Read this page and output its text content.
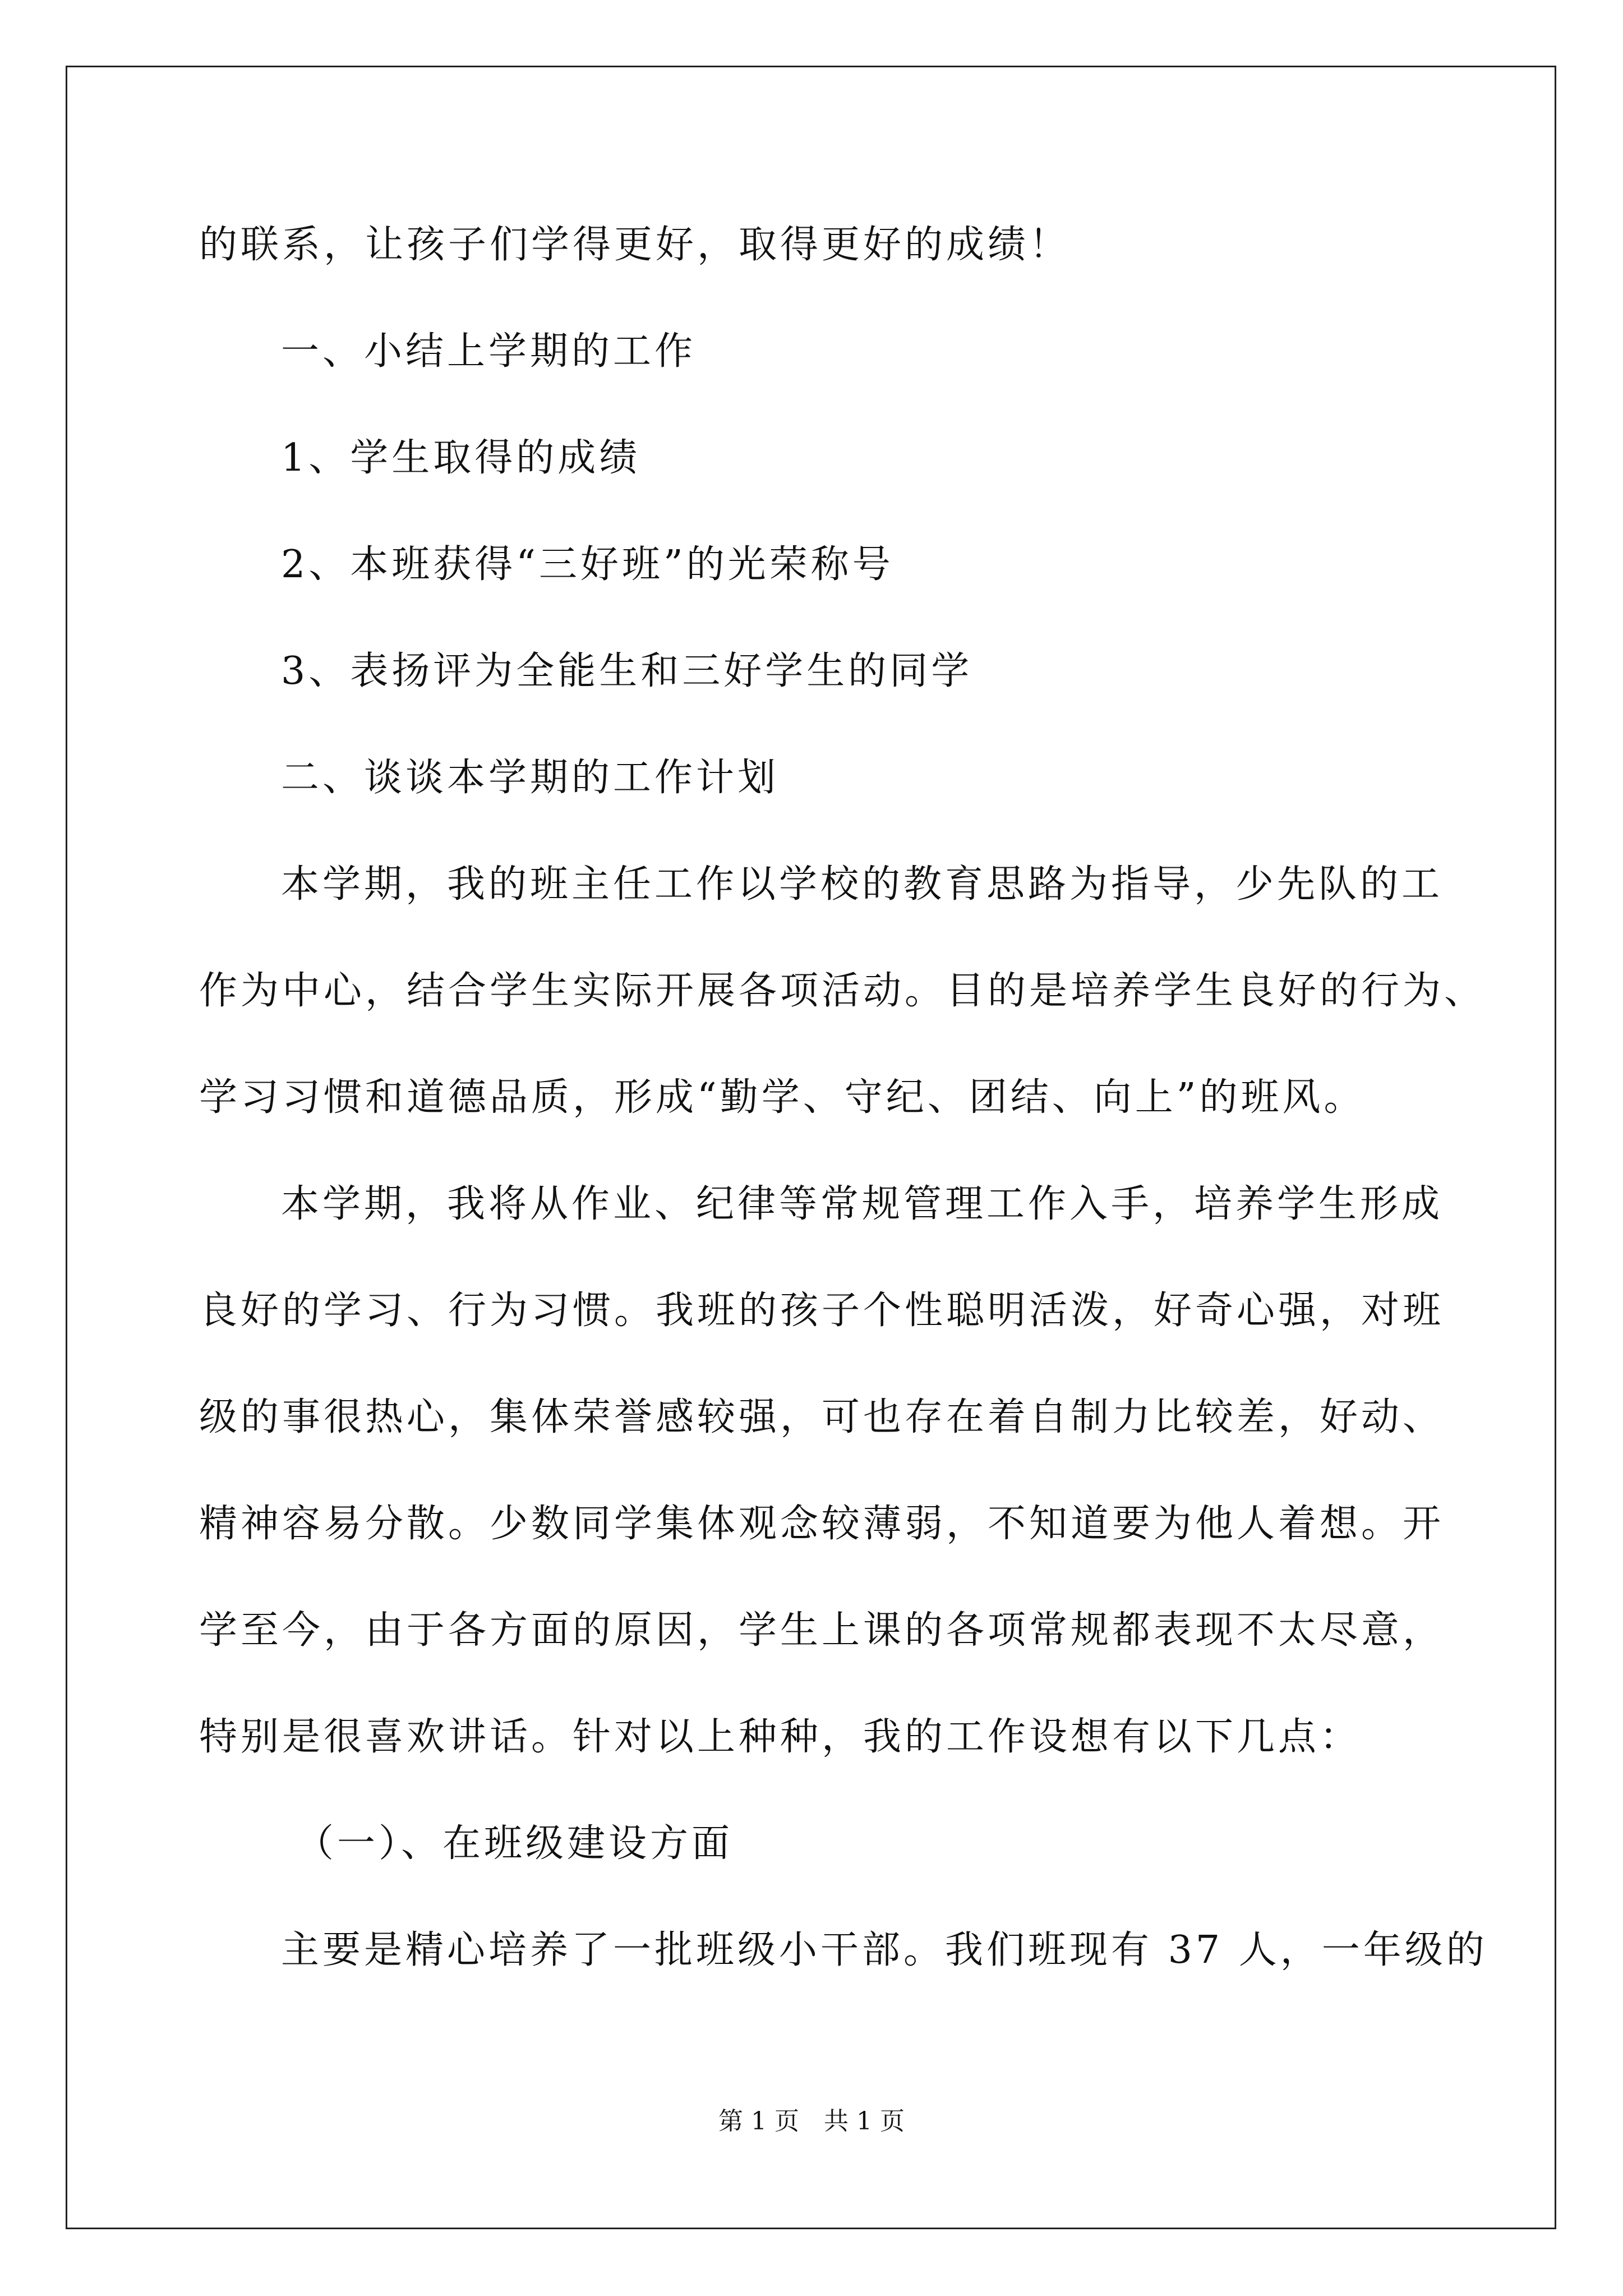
的联系，让孩子们学得更好，取得更好的成绩！
一、小结上学期的工作
1、学生取得的成绩
2、本班获得“三好班”的光荣称号
3、表扬评为全能生和三好学生的同学
二、谈谈本学期的工作计划
本学期，我的班主任工作以学校的教育思路为指导，少先队的工
作为中心，结合学生实际开展各项活动。目的是培养学生良好的行为、
学习习惯和道德品质，形成“勤学、守纪、团结、向上”的班风。
本学期，我将从作业、纪律等常规管理工作入手，培养学生形成
良好的学习、行为习惯。我班的孩子个性聪明活泼，好奇心强，对班
级的事很热心，集体荣誉感较强，可也存在着自制力比较差，好动、
精神容易分散。少数同学集体观念较薄弱，不知道要为他人着想。开
学至今，由于各方面的原因，学生上课的各项常规都表现不太尽意，
特别是很喜欢讲话。针对以上种种，我的工作设想有以下几点：
（一）、在班级建设方面
主要是精心培养了一批班级小干部。我们班现有 37 人，一年级的
第 1 页　共 1 页
